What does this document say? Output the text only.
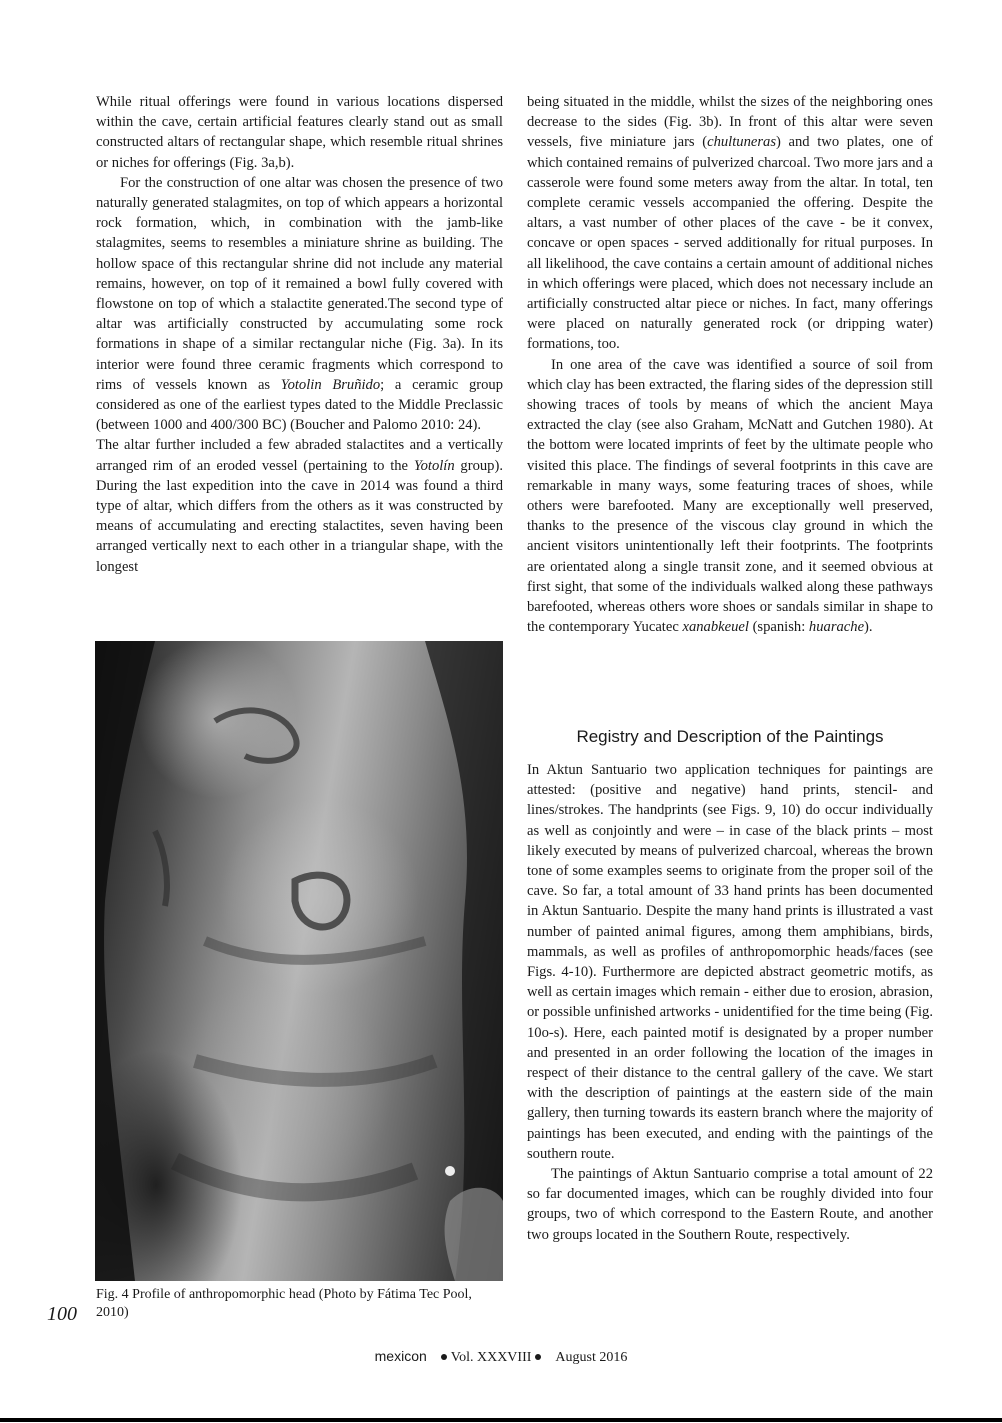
While ritual offerings were found in various locations dispersed within the cave, certain artificial features clearly stand out as small constructed altars of rectangular shape, which resemble ritual shrines or niches for offerings (Fig. 3a,b).

For the construction of one altar was chosen the presence of two naturally generated stalagmites, on top of which appears a horizontal rock formation, which, in combination with the jamb-like stalagmites, seems to resembles a miniature shrine as building. The hollow space of this rectangular shrine did not include any material remains, however, on top of it remained a bowl fully covered with flowstone on top of which a stalactite generated.The second type of altar was artificially constructed by accumulating some rock formations in shape of a similar rectangular niche (Fig. 3a). In its interior were found three ceramic fragments which correspond to rims of vessels known as Yotolin Bruñido; a ceramic group considered as one of the earliest types dated to the Middle Preclassic (between 1000 and 400/300 BC) (Boucher and Palomo 2010: 24).

The altar further included a few abraded stalactites and a vertically arranged rim of an eroded vessel (pertaining to the Yotolín group). During the last expedition into the cave in 2014 was found a third type of altar, which differs from the others as it was constructed by means of accumulating and erecting stalactites, seven having been arranged vertically next to each other in a triangular shape, with the longest

Fig. 4 Profile of anthropomorphic head (Photo by Fátima Tec Pool, 2010)
100

being situated in the middle, whilst the sizes of the neighboring ones decrease to the sides (Fig. 3b). In front of this altar were seven vessels, five miniature jars (chultuneras) and two plates, one of which contained remains of pulverized charcoal. Two more jars and a casserole were found some meters away from the altar. In total, ten complete ceramic vessels accompanied the offering. Despite the altars, a vast number of other places of the cave - be it convex, concave or open spaces - served additionally for ritual purposes. In all likelihood, the cave contains a certain amount of additional niches in which offerings were placed, which does not necessary include an artificially constructed altar piece or niches. In fact, many offerings were placed on naturally generated rock (or dripping water) formations, too.

In one area of the cave was identified a source of soil from which clay has been extracted, the flaring sides of the depression still showing traces of tools by means of which the ancient Maya extracted the clay (see also Graham, McNatt and Gutchen 1980). At the bottom were located imprints of feet by the ultimate people who visited this place. The findings of several footprints in this cave are remarkable in many ways, some featuring traces of shoes, while others were barefooted. Many are exceptionally well preserved, thanks to the presence of the viscous clay ground in which the ancient visitors unintentionally left their footprints. The footprints are orientated along a single transit zone, and it seemed obvious at first sight, that some of the individuals walked along these pathways barefooted, whereas others wore shoes or sandals similar in shape to the contemporary Yucatec xanabkeuel (spanish: huarache).

Registry and Description of the Paintings

In Aktun Santuario two application techniques for paintings are attested: (positive and negative) hand prints, stencil- and lines/strokes. The handprints (see Figs. 9, 10) do occur individually as well as conjointly and were – in case of the black prints – most likely executed by means of pulverized charcoal, whereas the brown tone of some examples seems to originate from the proper soil of the cave. So far, a total amount of 33 hand prints has been documented in Aktun Santuario. Despite the many hand prints is illustrated a vast number of painted animal figures, among them amphibians, birds, mammals, as well as profiles of anthropomorphic heads/faces (see Figs. 4-10). Furthermore are depicted abstract geometric motifs, as well as certain images which remain - either due to erosion, abrasion, or possible unfinished artworks - unidentified for the time being (Fig. 10o-s). Here, each painted motif is designated by a proper number and presented in an order following the location of the images in respect of their distance to the central gallery of the cave. We start with the description of paintings at the eastern side of the main gallery, then turning towards its eastern branch where the majority of paintings has been executed, and ending with the paintings of the southern route.

The paintings of Aktun Santuario comprise a total amount of 22 so far documented images, which can be roughly divided into four groups, two of which correspond to the Eastern Route, and another two groups located in the Southern Route, respectively.

mexicon Vol. XXXVIII August 2016
